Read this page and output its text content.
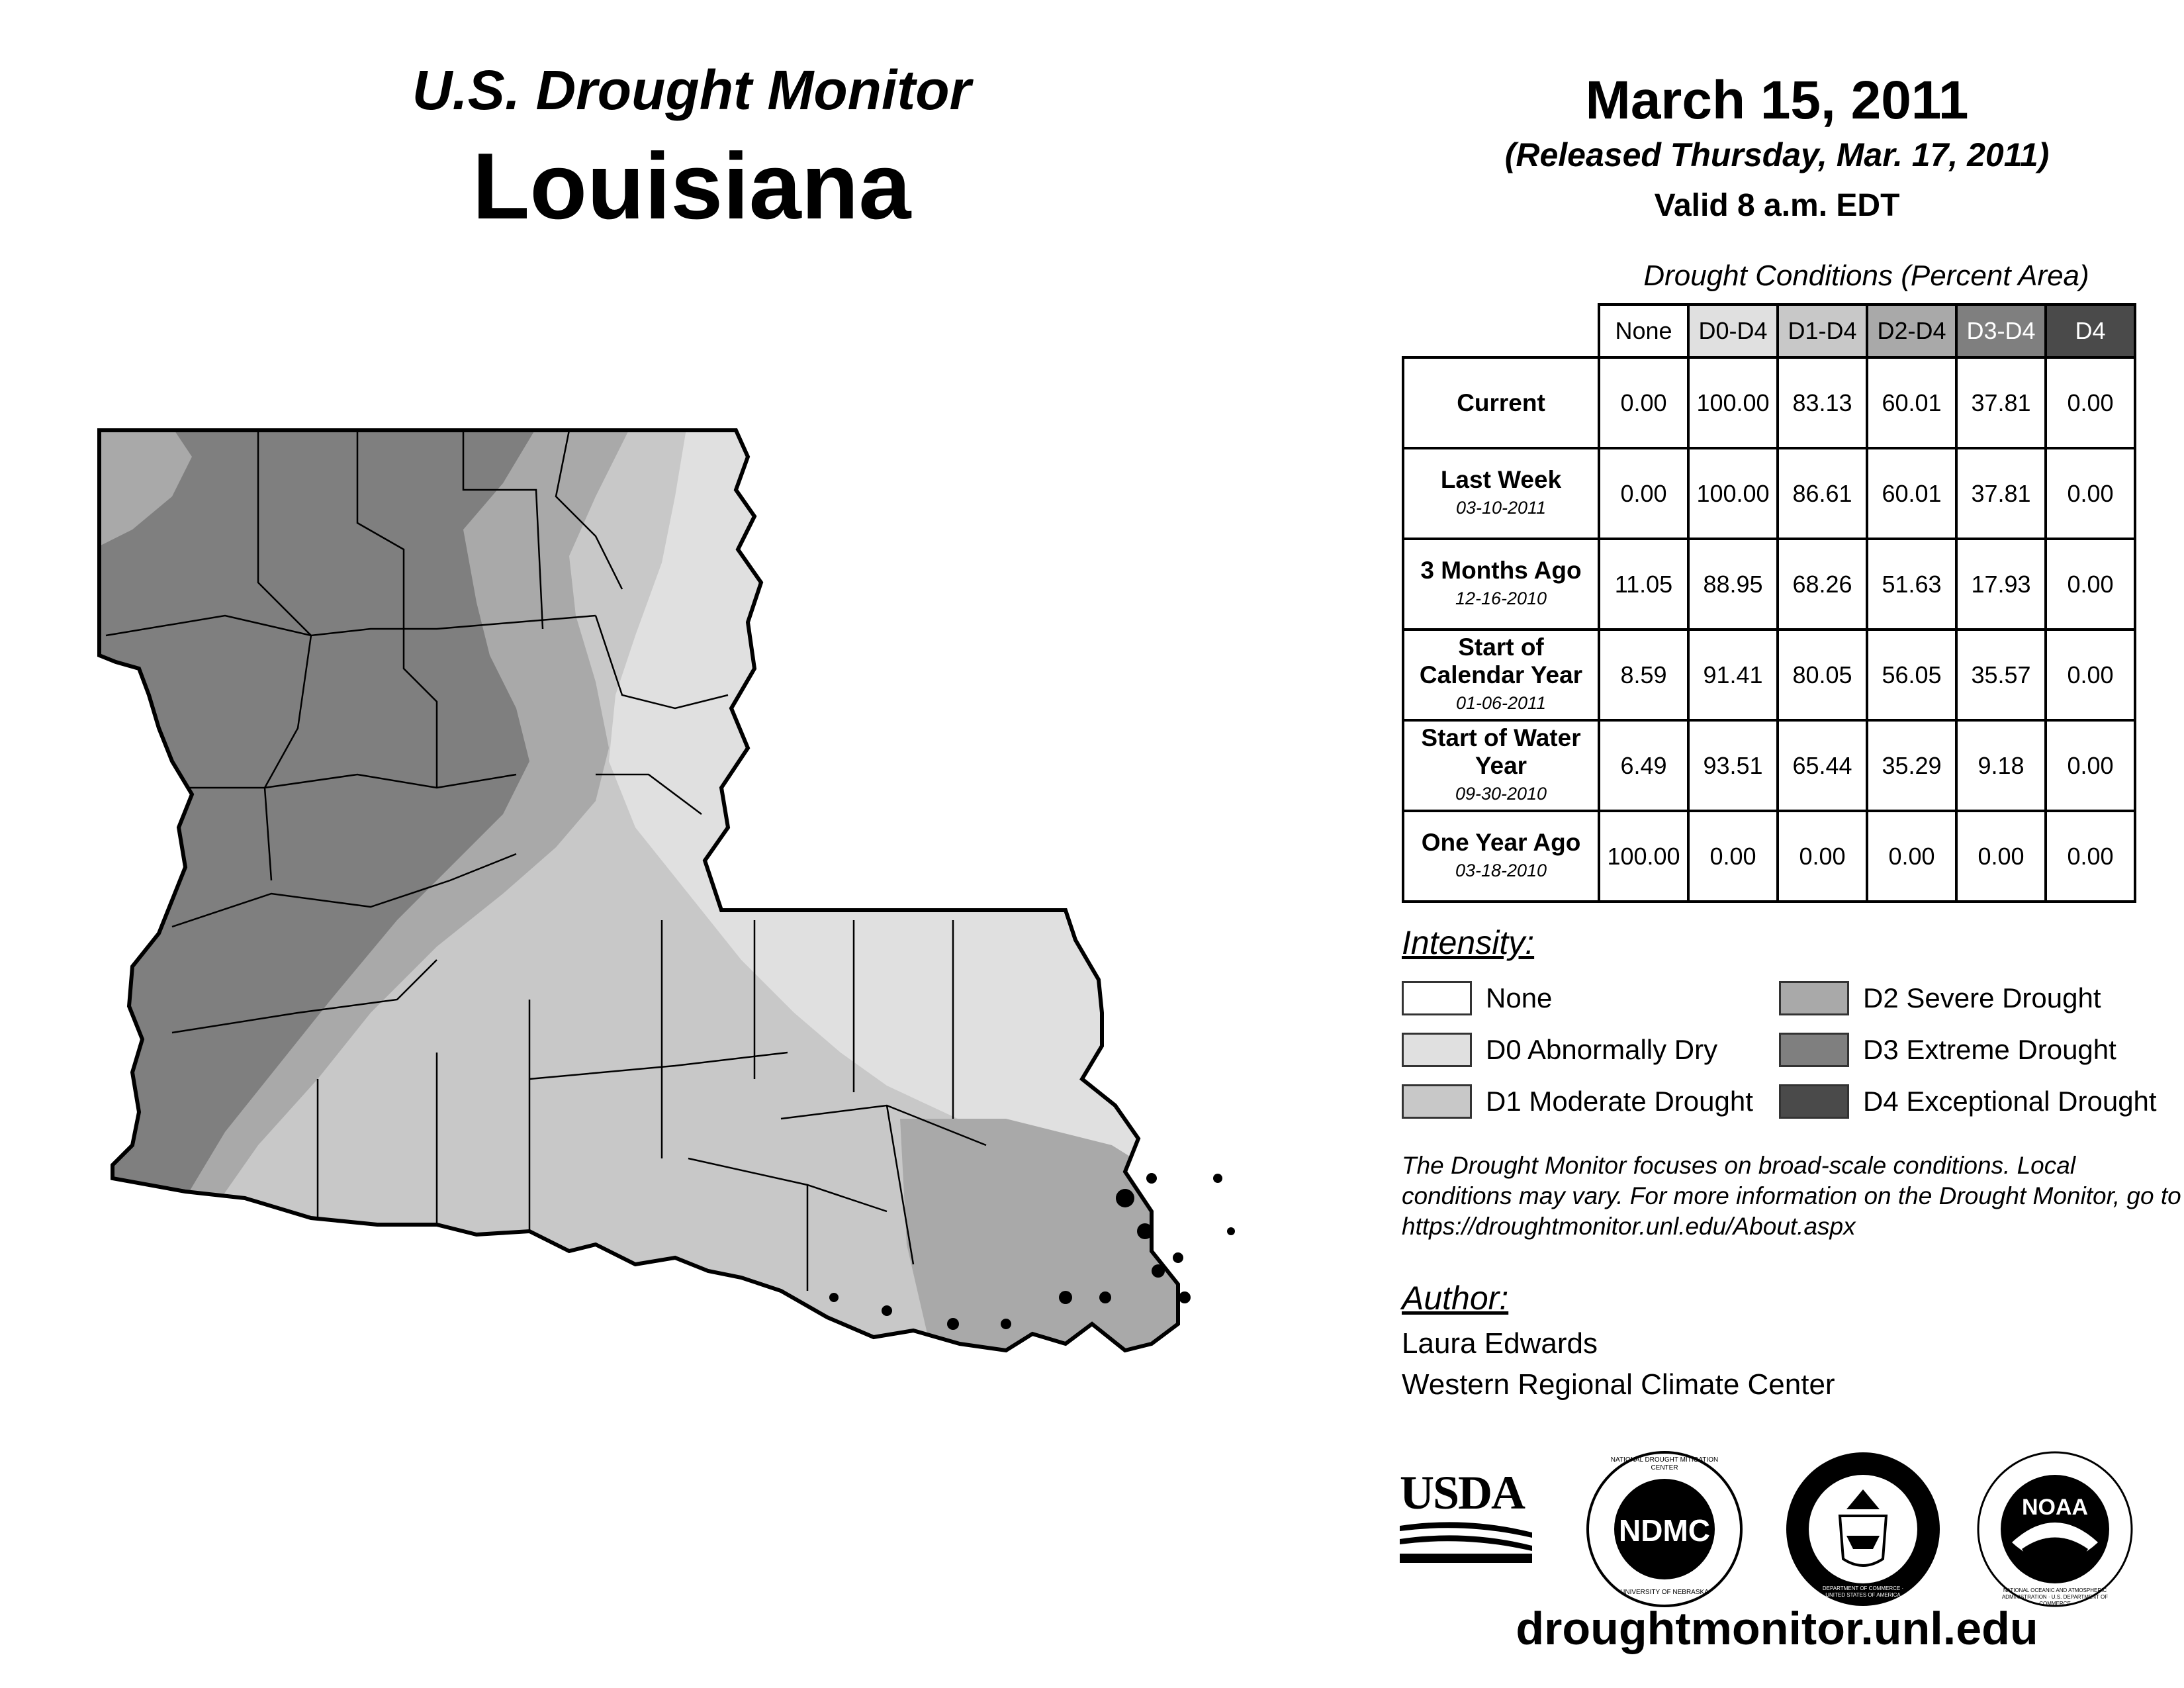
U.S. Drought Monitor
Louisiana
March 15, 2011
(Released Thursday, Mar. 17, 2011)
Valid 8 a.m. EDT
	None	D0-D4	D1-D4	D2-D4	D3-D4	D4
Current	0.00	100.00	83.13	60.01	37.81	0.00
Last Week
03-10-2011	0.00	100.00	86.61	60.01	37.81	0.00
3 Months Ago
12-16-2010	11.05	88.95	68.26	51.63	17.93	0.00
Start of Calendar Year
01-06-2011	8.59	91.41	80.05	56.05	35.57	0.00
Start of Water Year
09-30-2010	6.49	93.51	65.44	35.29	9.18	0.00
One Year Ago
03-18-2010	100.00	0.00	0.00	0.00	0.00	0.00
Drought Conditions (Percent Area)
Intensity:
None
D0 Abnormally Dry
D1 Moderate Drought
D2 Severe Drought
D3 Extreme Drought
D4 Exceptional Drought
The Drought Monitor focuses on broad-scale conditions. Local conditions may vary. For more information on the Drought Monitor, go to https://droughtmonitor.unl.edu/About.aspx
Author:
Laura Edwards
Western Regional Climate Center
USDA
NDMC
NATIONAL DROUGHT MITIGATION CENTER
UNIVERSITY OF NEBRASKA
DEPARTMENT OF COMMERCE · UNITED STATES OF AMERICA
NOAA
NATIONAL OCEANIC AND ATMOSPHERIC ADMINISTRATION · U.S. DEPARTMENT OF COMMERCE
droughtmonitor.unl.edu
